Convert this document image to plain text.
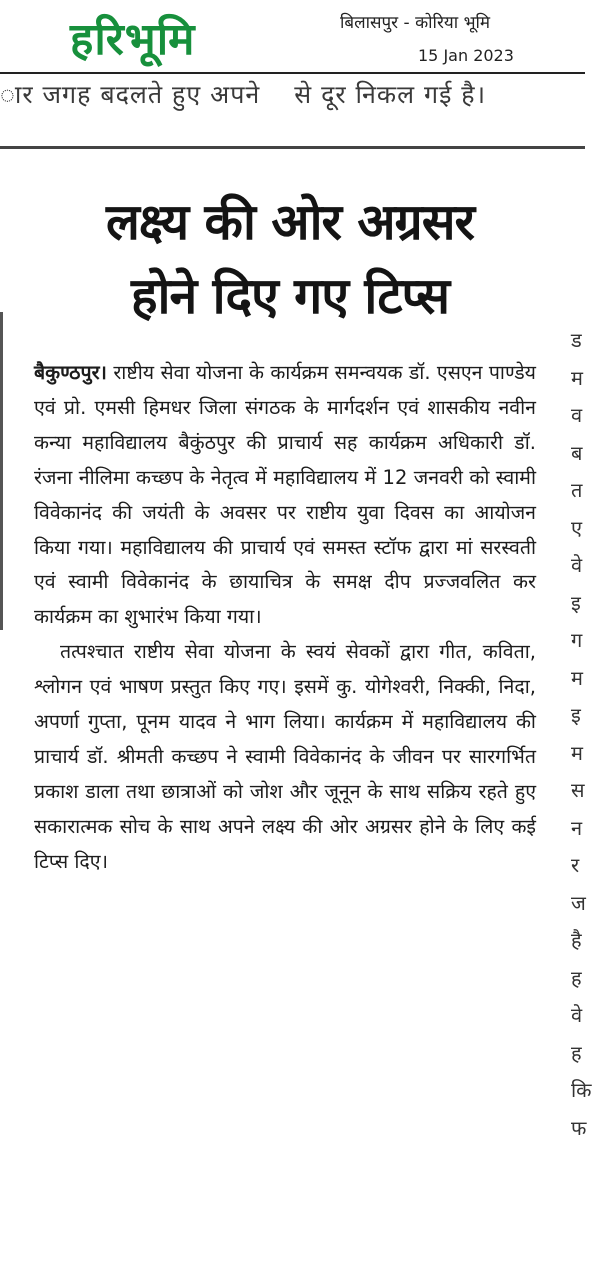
हरिभूमि	बिलासपुर - कोरिया भूमि
15 Jan 2023
ार जगह बदलते हुए अपने से दूर निकल गई है।
लक्ष्य की ओर अग्रसर
होने दिए गए टिप्स

बैकुण्ठपुर। राष्टीय सेवा योजना के कार्यक्रम समन्वयक डॉ. एसएन पाण्डेय एवं प्रो. एमसी हिमधर जिला संगठक के मार्गदर्शन एवं शासकीय नवीन कन्या महाविद्यालय बैकुंठपुर की प्राचार्य सह कार्यक्रम अधिकारी डॉ. रंजना नीलिमा कच्छप के नेतृत्व में महाविद्यालय में 12 जनवरी को स्वामी विवेकानंद की जयंती के अवसर पर राष्टीय युवा दिवस का आयोजन किया गया। महाविद्यालय की प्राचार्य एवं समस्त स्टॉफ द्वारा मां सरस्वती एवं स्वामी विवेकानंद के छायाचित्र के समक्ष दीप प्रज्जवलित कर कार्यक्रम का शुभारंभ किया गया।

तत्पश्चात राष्टीय सेवा योजना के स्वयं सेवकों द्वारा गीत, कविता, श्लोगन एवं भाषण प्रस्तुत किए गए। इसमें कु. योगेश्वरी, निक्की, निदा, अपर्णा गुप्ता, पूनम यादव ने भाग लिया। कार्यक्रम में महाविद्यालय की प्राचार्य डॉ. श्रीमती कच्छप ने स्वामी विवेकानंद के जीवन पर सारगर्भित प्रकाश डाला तथा छात्राओं को जोश और जूनून के साथ सक्रिय रहते हुए सकारात्मक सोच के साथ अपने लक्ष्य की ओर अग्रसर होने के लिए कई टिप्स दिए।

ड
म
व
ब
त
ए
वे
इ
ग
म
इ
म
स
न
र
ज
है
ह
वे
ह
कि
फ
